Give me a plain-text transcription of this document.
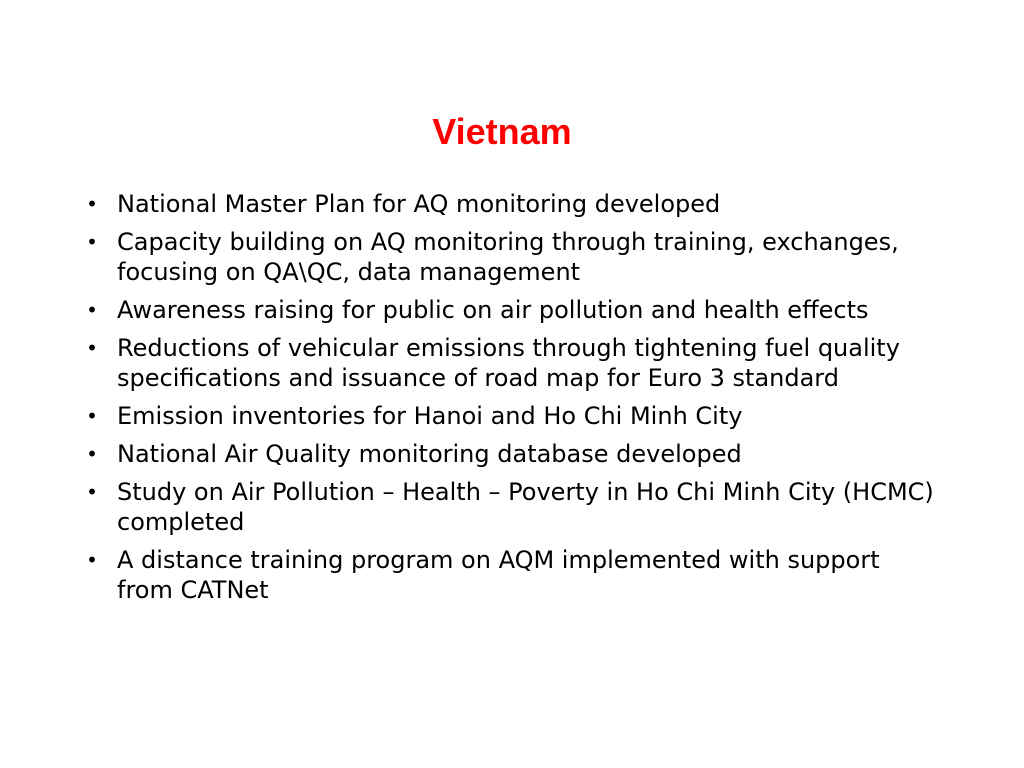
Vietnam
• National Master Plan for AQ monitoring developed
• Capacity building on AQ monitoring through training, exchanges, focusing on QA\QC, data management
• Awareness raising for public on air pollution and health effects
• Reductions of vehicular emissions through tightening fuel quality specifications and issuance of road map for Euro 3 standard
• Emission inventories for Hanoi and Ho Chi Minh City
• National Air Quality monitoring database developed
• Study on Air Pollution – Health – Poverty in Ho Chi Minh City (HCMC) completed
• A distance training program on AQM implemented with support from CATNet
